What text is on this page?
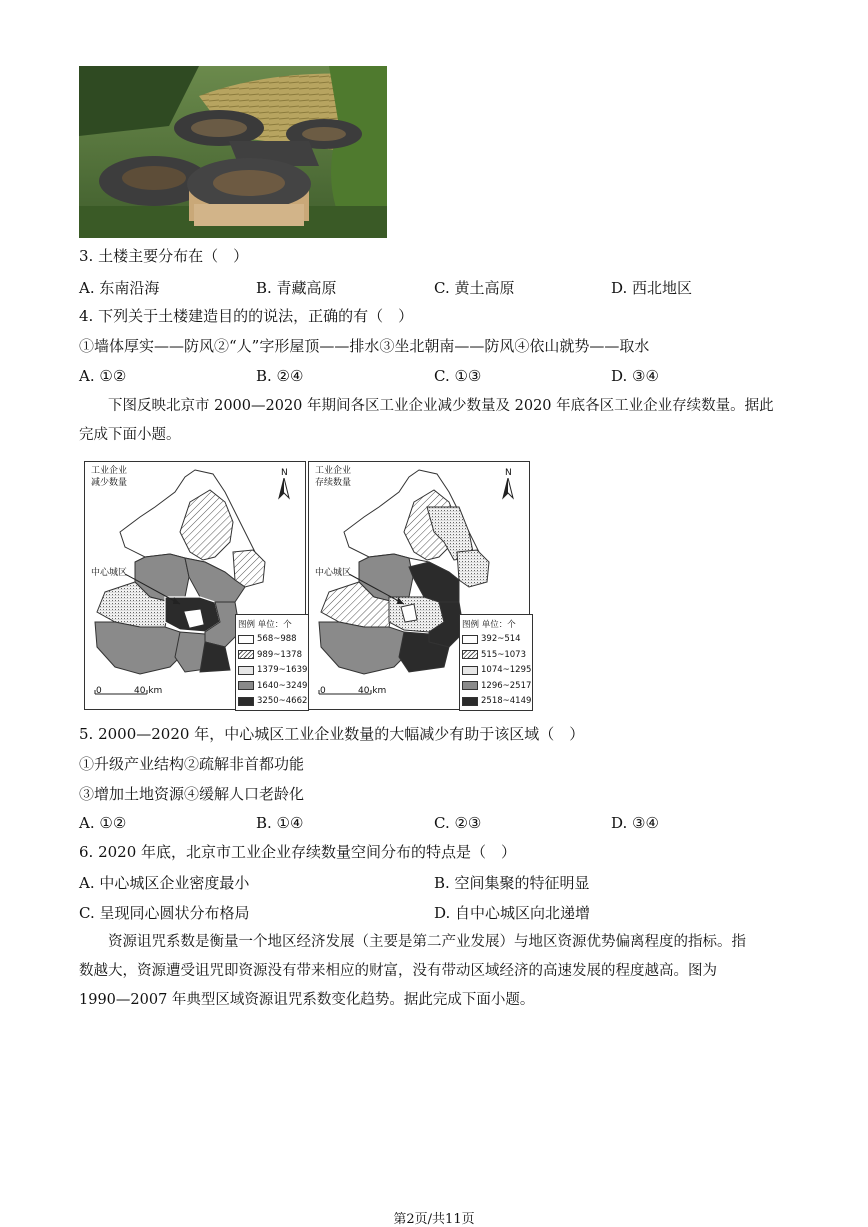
3. 土楼主要分布在（　）
A. 东南沿海	B. 青藏高原	C. 黄土高原	D. 西北地区
4. 下列关于土楼建造目的的说法，正确的有（　）
①墙体厚实——防风②“人”字形屋顶——排水③坐北朝南——防风④依山就势——取水
A. ①②	B. ②④	C. ①③	D. ③④
下图反映北京市 2000—2020 年期间各区工业企业减少数量及 2020 年底各区工业企业存续数量。据此
完成下面小题。
工业企业
减少数量
N
中心城区
0	40 km
图例 单位：个
568~988
989~1378
1379~1639
1640~3249
3250~4662
工业企业
存续数量
N
中心城区
0	40 km
图例 单位：个
392~514
515~1073
1074~1295
1296~2517
2518~4149
5. 2000—2020 年，中心城区工业企业数量的大幅减少有助于该区域（　）
①升级产业结构②疏解非首都功能
③增加土地资源④缓解人口老龄化
A. ①②	B. ①④	C. ②③	D. ③④
6. 2020 年底，北京市工业企业存续数量空间分布的特点是（　）
A. 中心城区企业密度最小	B. 空间集聚的特征明显
C. 呈现同心圆状分布格局	D. 自中心城区向北递增
资源诅咒系数是衡量一个地区经济发展（主要是第二产业发展）与地区资源优势偏离程度的指标。指
数越大，资源遭受诅咒即资源没有带来相应的财富，没有带动区域经济的高速发展的程度越高。图为
1990—2007 年典型区域资源诅咒系数变化趋势。据此完成下面小题。
第2页/共11页
